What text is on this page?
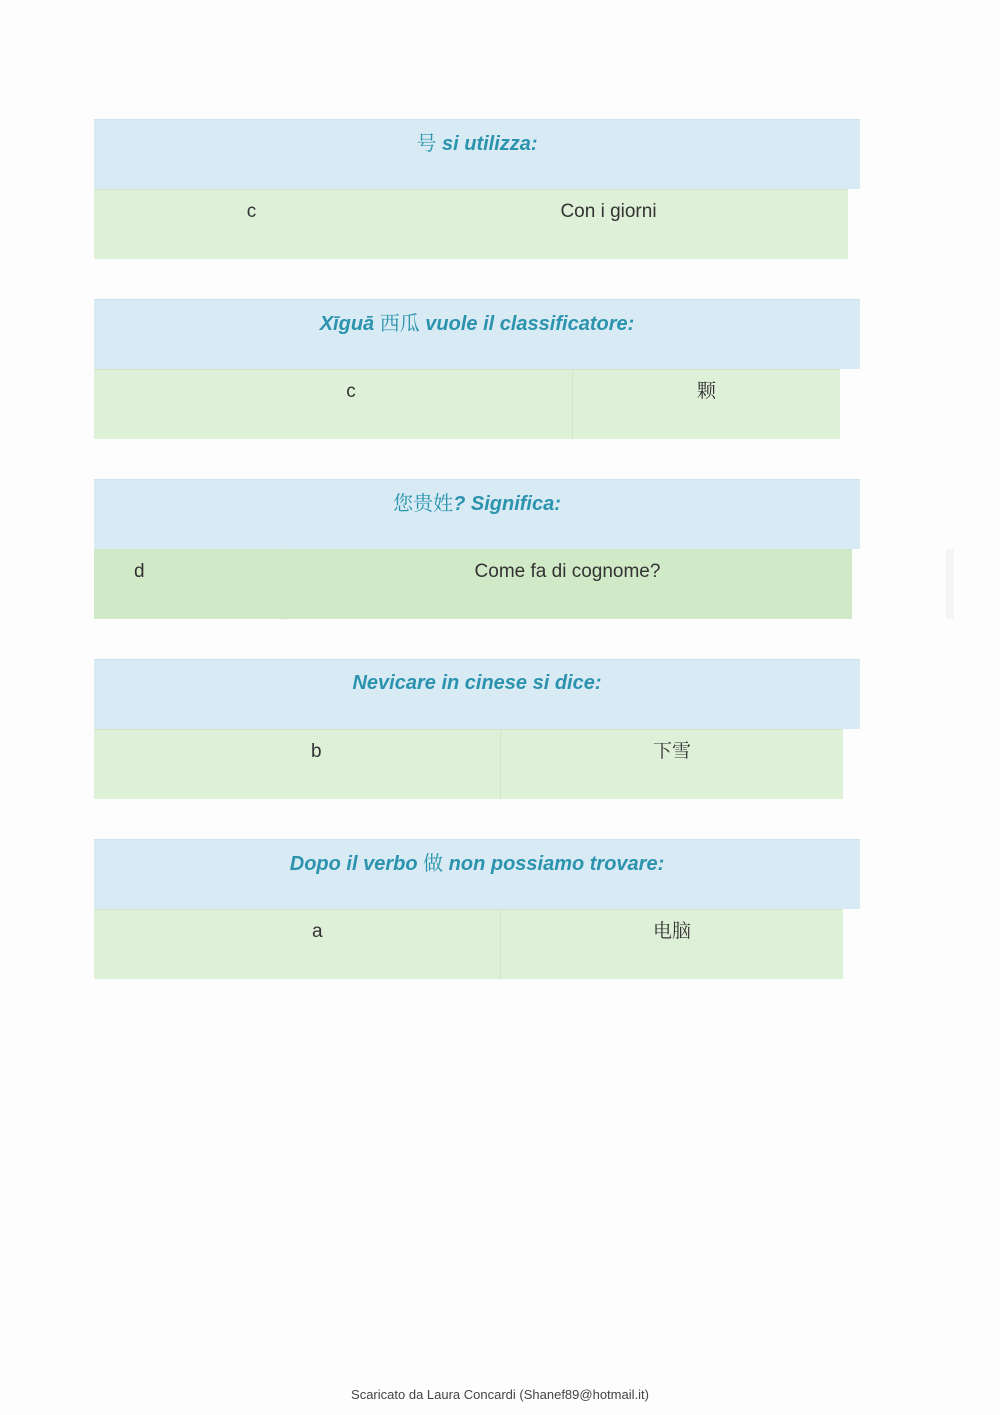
号 si utilizza:
c	Con i giorni
Xīguā 西瓜 vuole il classificatore:
c	颗
您贵姓? Significa:
d	Come fa di cognome?
Nevicare in cinese si dice:
b	下雪
Dopo il verbo 做 non possiamo trovare:
a	电脑
Scaricato da Laura Concardi (Shanef89@hotmail.it)
